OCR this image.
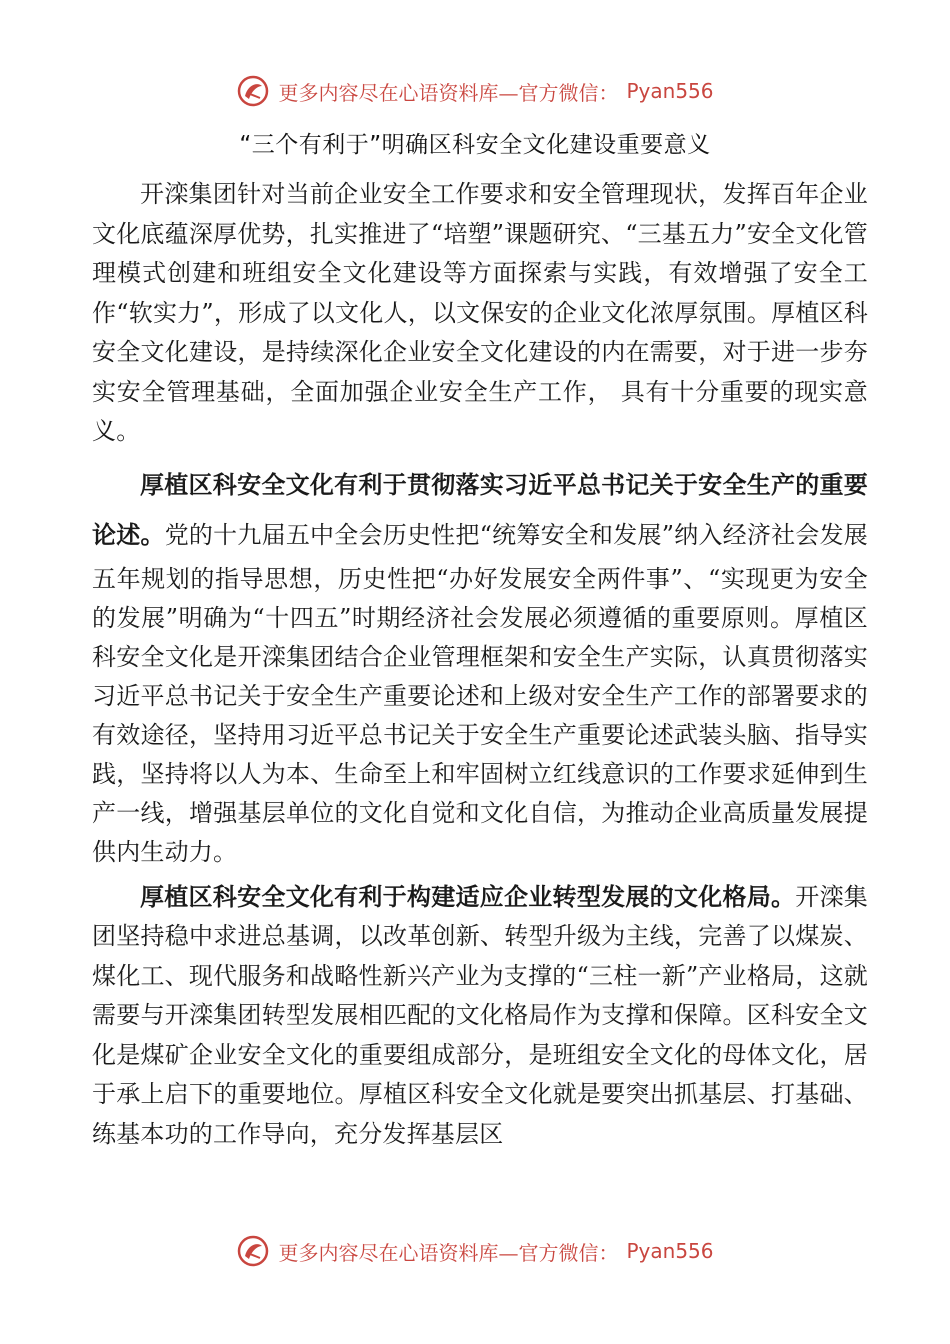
更多内容尽在心语资料库—官方微信： Pyan556
“三个有利于”明确区科安全文化建设重要意义

开滦集团针对当前企业安全工作要求和安全管理现状，发挥百年企业文化底蕴深厚优势，扎实推进了“培塑”课题研究、“三基五力”安全文化管理模式创建和班组安全文化建设等方面探索与实践，有效增强了安全工作“软实力”，形成了以文化人，以文保安的企业文化浓厚氛围。厚植区科安全文化建设，是持续深化企业安全文化建设的内在需要，对于进一步夯实安全管理基础，全面加强企业安全生产工作， 具有十分重要的现实意义。

厚植区科安全文化有利于贯彻落实习近平总书记关于安全生产的重要论述。党的十九届五中全会历史性把“统筹安全和发展”纳入经济社会发展五年规划的指导思想，历史性把“办好发展安全两件事”、“实现更为安全的发展”明确为“十四五”时期经济社会发展必须遵循的重要原则。厚植区科安全文化是开滦集团结合企业管理框架和安全生产实际，认真贯彻落实习近平总书记关于安全生产重要论述和上级对安全生产工作的部署要求的有效途径，坚持用习近平总书记关于安全生产重要论述武装头脑、指导实践，坚持将以人为本、生命至上和牢固树立红线意识的工作要求延伸到生产一线，增强基层单位的文化自觉和文化自信，为推动企业高质量发展提供内生动力。

厚植区科安全文化有利于构建适应企业转型发展的文化格局。开滦集团坚持稳中求进总基调，以改革创新、转型升级为主线，完善了以煤炭、煤化工、现代服务和战略性新兴产业为支撑的“三柱一新”产业格局，这就需要与开滦集团转型发展相匹配的文化格局作为支撑和保障。区科安全文化是煤矿企业安全文化的重要组成部分，是班组安全文化的母体文化，居于承上启下的重要地位。厚植区科安全文化就是要突出抓基层、打基础、练基本功的工作导向，充分发挥基层区

更多内容尽在心语资料库—官方微信： Pyan556
